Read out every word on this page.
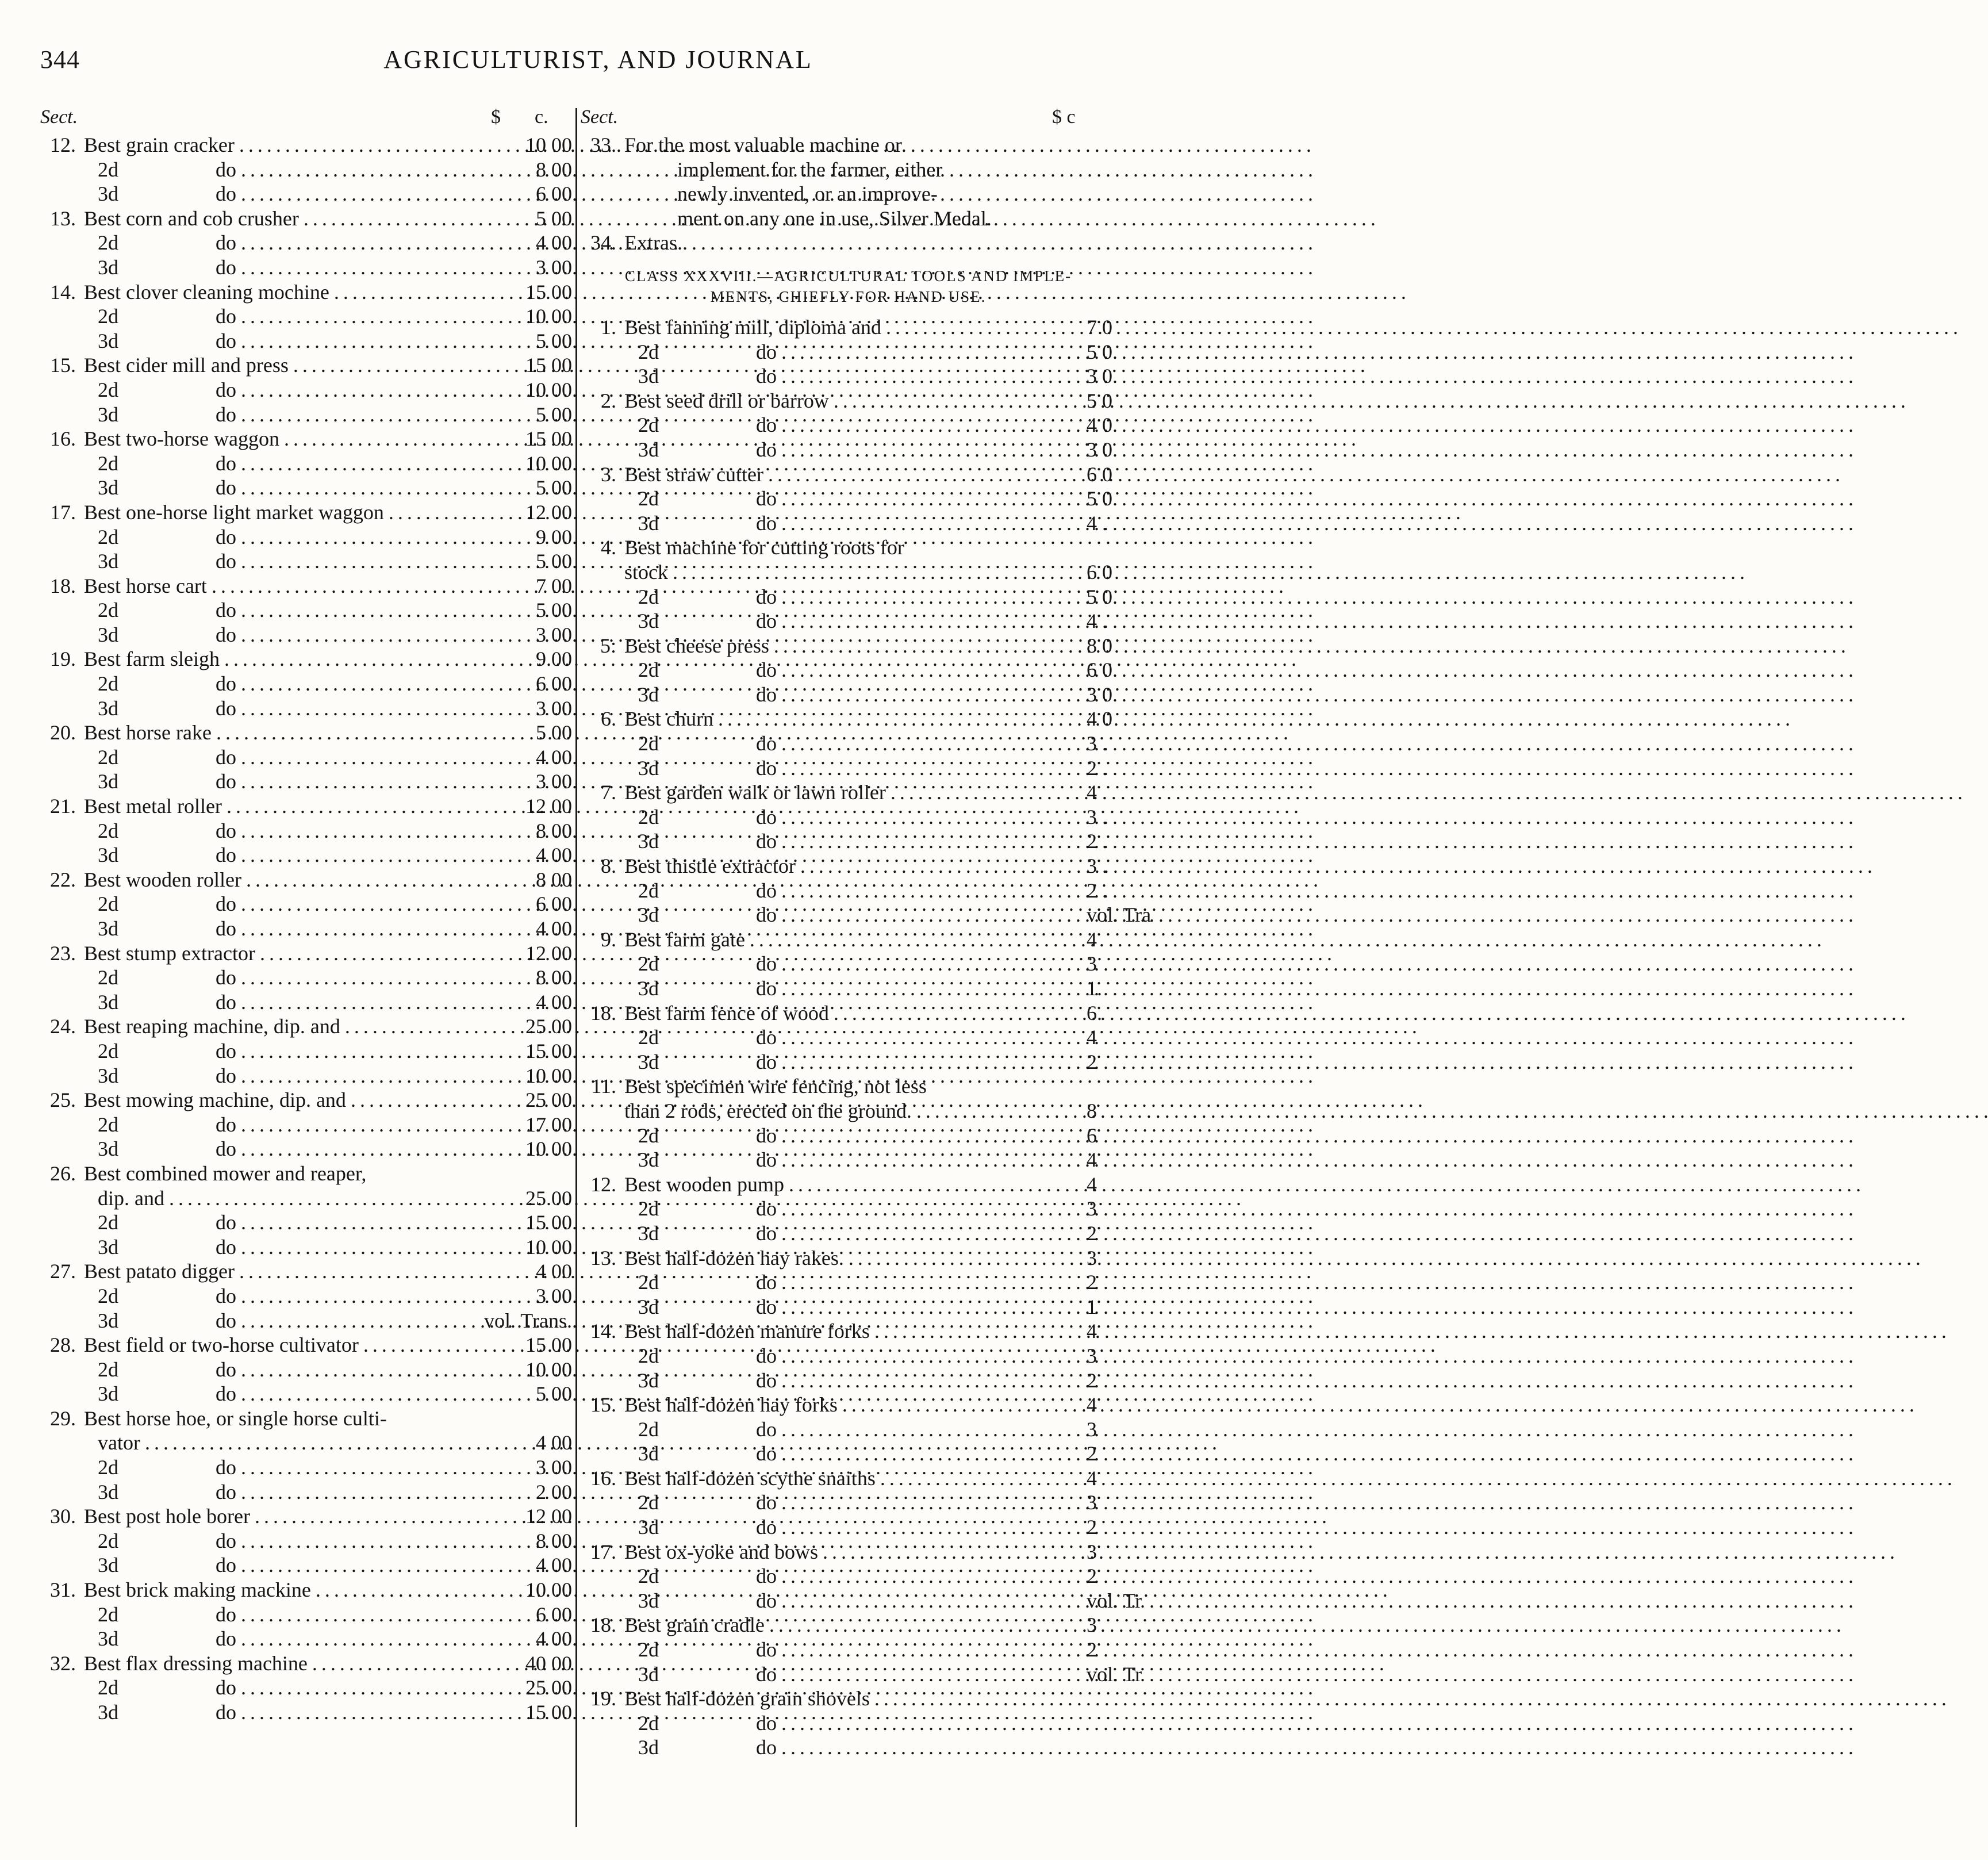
344	AGRICULTURIST, AND JOURNAL
Sect.	$ c.
12. Best grain cracker . . .	10 00
2d	do . . .	8 00
3d	do . . .	6 00
13. Best corn and cob crusher . . .	5 00
2d	do . . .	4 00
3d	do . . .	3 00
14. Best clover cleaning mochine . . .	15 00
2d	do . . .	10 00
3d	do . . .	5 00
15. Best cider mill and press . . .	15 00
2d	do . . .	10 00
3d	do . . .	5 00
16. Best two-horse waggon . . .	15 00
2d	do . . .	10 00
3d	do . . .	5 00
17. Best one-horse light market waggon . . .	12 00
2d	do . . .	9 00
3d	do . . .	5 00
18. Best horse cart . . .	7 00
2d	do . . .	5 00
3d	do . . .	3 00
19. Best farm sleigh . . .	9 00
2d	do . . .	6 00
3d	do . . .	3 00
20. Best horse rake . . .	5 00
2d	do . . .	4 00
3d	do . . .	3 00
21. Best metal roller . . .	12 00
2d	do . . .	8 00
3d	do . . .	4 00
22. Best wooden roller . . .	8 00
2d	do . . .	6 00
3d	do . . .	4 00
23. Best stump extractor . . .	12 00
2d	do . . .	8 00
3d	do . . .	4 00
24. Best reaping machine, dip. and . . .	25 00
2d	do . . .	15 00
3d	do . . .	10 00
25. Best mowing machine, dip. and . . .	25 00
2d	do . . .	17 00
3d	do . . .	10 00
26. Best combined mower and reaper,
dip. and . . .	25 00
2d	do . . .	15 00
3d	do . . .	10 00
27. Best patato digger . . .	4 00
2d	do . . .	3 00
3d	do . . .	vol. Trans.
28. Best field or two-horse cultivator . . .	15 00
2d	do . . .	10 00
3d	do . . .	5 00
29. Best horse hoe, or single horse culti-
vator . . .	4 00
2d	do . . .	3 00
3d	do . . .	2 00
30. Best post hole borer . . .	12 00
2d	do . . .	8 00
3d	do . . .	4 00
31. Best brick making mackine . . .	10 00
2d	do . . .	6 00
3d	do . . .	4 00
32. Best flax dressing machine . . .	40 00
2d	do . . .	25 00
3d	do . . .	15 00
Sect.	$ c
33. For the most valuable machine or
implement for the farmer, either
newly invented, or an improve-
ment on any one in use, Silver Medal.
34. Extras.
CLASS XXXVIII.—AGRICULTURAL TOOLS AND IMPLE-
MENTS, CHIEFLY FOR HAND USE.
1. Best fanning mill, diploma and . . .	7 0
2d	do . . .	5 0
3d	do . . .	3 0
2. Best seed drill or barrow . . .	5 0
2d	do . . .	4 0
3d	do . . .	3 0
3. Best straw cutter . . .	6 0
2d	do . . .	5 0
3d	do . . .	4 .
4. Best machine for cutting roots for
stock . . .	6 0
2d	do . . .	5 0
3d	do . . .	4 .
5: Best cheese press . . .	8 0
2d	do . . .	6 0
3d	do . . .	3 0
6. Best churn . . .	4 0
2d	do . . .	3 .
3d	do . . .	2 .
7. Best garden walk or lawn roller . . .	4 .
2d	do . . .	3 .
3d	do . . .	2 .
8. Best thistle extractor . . .	3 .
2d	do . . .	2 .
3d	do . . .	vol. Tra
9. Best farm gate . . .	4
2d	do . . .	3
3d	do . . .	1.
18. Best farm fence of wood . . .	6.
2d	do . . .	4
3d	do . . .	2
11. Best specimen wire fencing, not less
than 2 rods, erected on the ground. . . .	8
2d	do . . .	6
3d	do . . .	4
12. Best wooden pump . . .	4
2d	do . . .	3
3d	do . . .	2
13. Best half-dozen hay rakes. . . .	3
2d	do . . .	2
3d	do . . .	1
14. Best half-dozen manure forks . . .	4
2d	do . . .	3
3d	do . . .	2
15. Best half-dozen hay forks . . .	4
2d	do . . .	3
3d	do . . .	2
16. Best half-dozen scythe snaiths . . .	4
2d	do . . .	3
3d	do . . .	2
17. Best ox-yoke and bows . . .	3
2d	do . . .	2
3d	do . . .	vol. Tr
18. Best grain cradle . . .	3
2d	do . . .	2
3d	do . . .	vol. Tr
19. Best half-dozen grain shovels . . .
2d	do . . .
3d	do . . .
